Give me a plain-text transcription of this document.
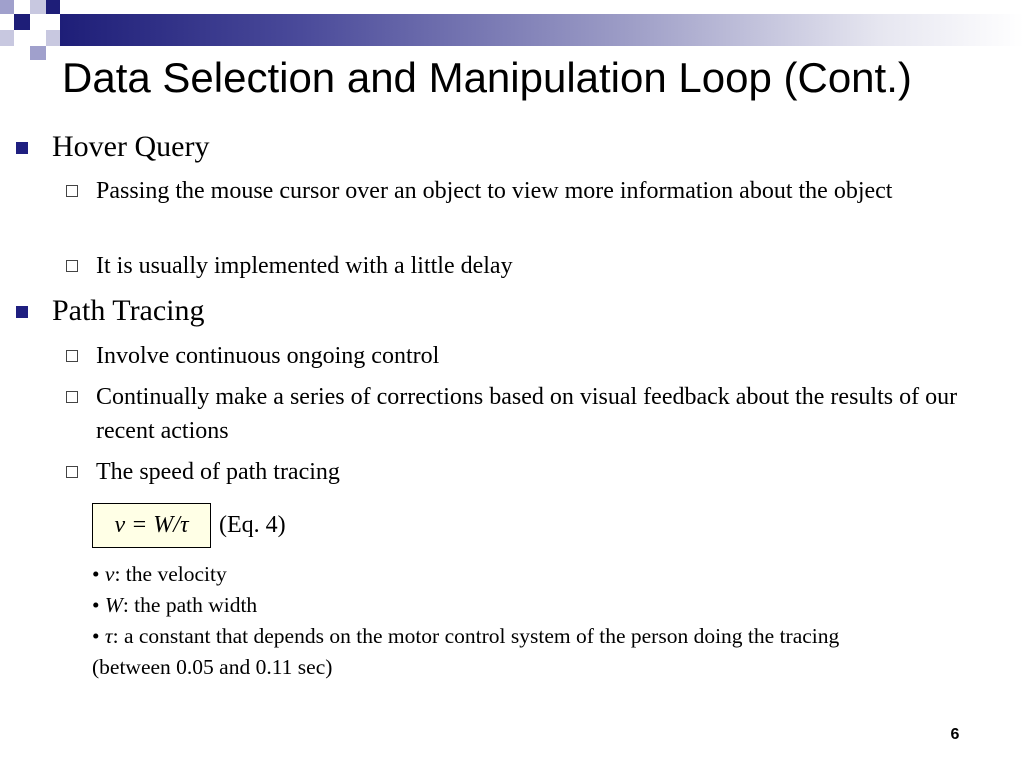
Data Selection and Manipulation Loop (Cont.)
Hover Query
Passing the mouse cursor over an object to view more information about the object
It is usually implemented with a little delay
Path Tracing
Involve continuous ongoing control
Continually make a series of corrections based on visual feedback about the results of our recent actions
The speed of path tracing
v = W/τ	(Eq. 4)
• v: the velocity
• W: the path width
• τ: a constant that depends on the motor control system of the person doing the tracing
(between 0.05 and 0.11 sec)
6
